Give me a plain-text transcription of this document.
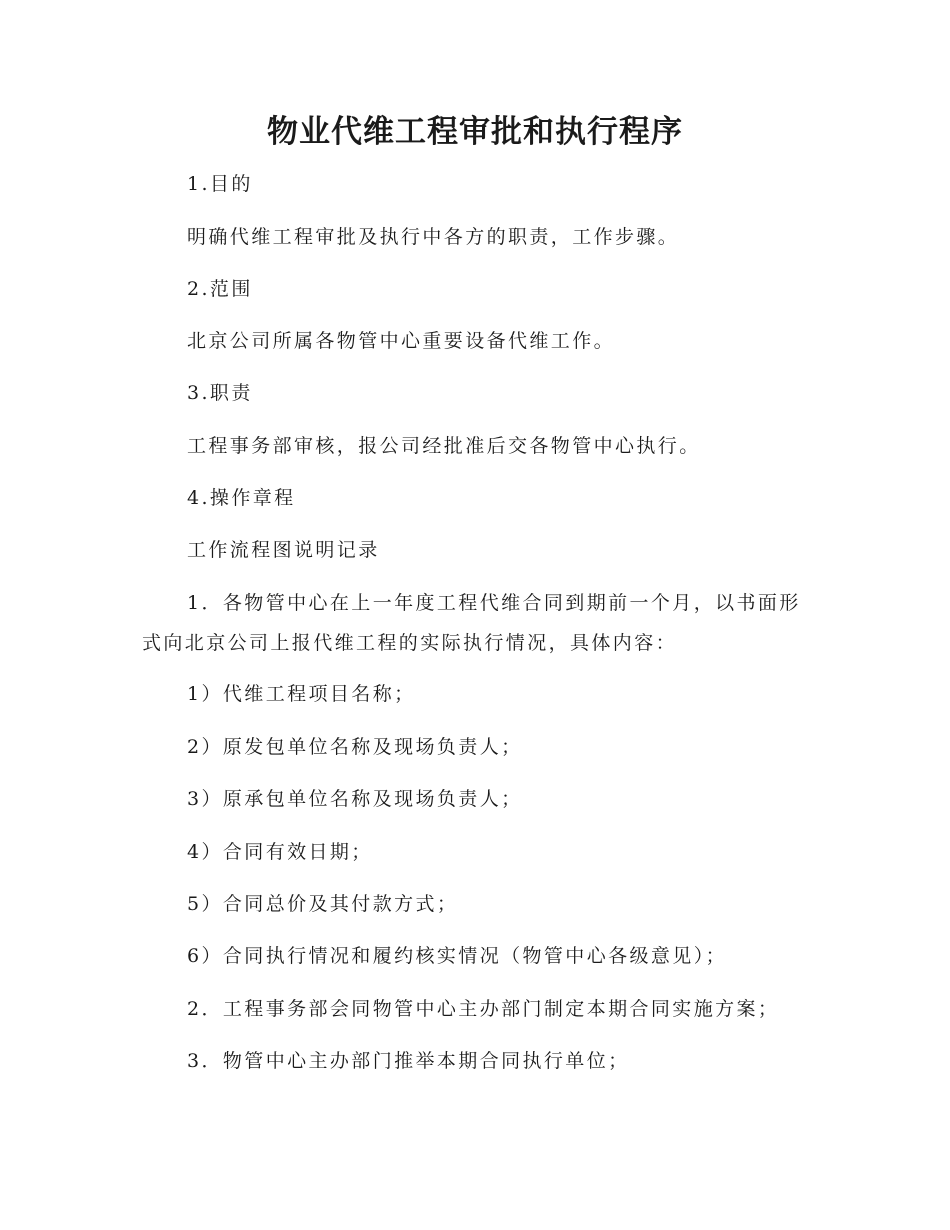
物业代维工程审批和执行程序

1.目的

明确代维工程审批及执行中各方的职责，工作步骤。

2.范围

北京公司所属各物管中心重要设备代维工作。

3.职责

工程事务部审核，报公司经批准后交各物管中心执行。

4.操作章程

工作流程图说明记录

1．各物管中心在上一年度工程代维合同到期前一个月，以书面形式向北京公司上报代维工程的实际执行情况，具体内容：

1）代维工程项目名称；

2）原发包单位名称及现场负责人；

3）原承包单位名称及现场负责人；

4）合同有效日期；

5）合同总价及其付款方式；

6）合同执行情况和履约核实情况（物管中心各级意见）；

2．工程事务部会同物管中心主办部门制定本期合同实施方案；

3．物管中心主办部门推举本期合同执行单位；
